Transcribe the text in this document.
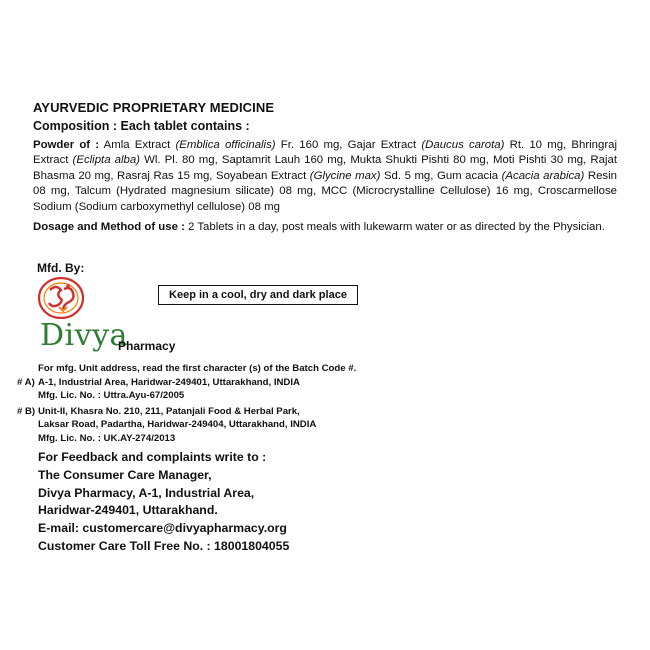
AYURVEDIC PROPRIETARY MEDICINE
Composition : Each tablet contains :
Powder of : Amla Extract (Emblica officinalis) Fr. 160 mg, Gajar Extract (Daucus carota) Rt. 10 mg, Bhringraj Extract (Eclipta alba) Wl. Pl. 80 mg, Saptamrit Lauh 160 mg, Mukta Shukti Pishti 80 mg, Moti Pishti 30 mg, Rajat Bhasma 20 mg, Rasraj Ras 15 mg, Soyabean Extract (Glycine max) Sd. 5 mg, Gum acacia (Acacia arabica) Resin 08 mg, Talcum (Hydrated magnesium silicate) 08 mg, MCC (Microcrystalline Cellulose) 16 mg, Croscarmellose Sodium (Sodium carboxymethyl cellulose) 08 mg
Dosage and Method of use : 2 Tablets in a day, post meals with lukewarm water or as directed by the Physician.
Mfd. By:
Keep in a cool, dry and dark place
Divya
Pharmacy
For mfg. Unit address, read the first character (s) of the Batch Code #.
# A) A-1, Industrial Area, Haridwar-249401, Uttarakhand, INDIA
Mfg. Lic. No. : Uttra.Ayu-67/2005
# B) Unit-II, Khasra No. 210, 211, Patanjali Food & Herbal Park,
Laksar Road, Padartha, Haridwar-249404, Uttarakhand, INDIA
Mfg. Lic. No. : UK.AY-274/2013
For Feedback and complaints write to :
The Consumer Care Manager,
Divya Pharmacy, A-1, Industrial Area,
Haridwar-249401, Uttarakhand.
E-mail: customercare@divyapharmacy.org
Customer Care Toll Free No. : 18001804055
